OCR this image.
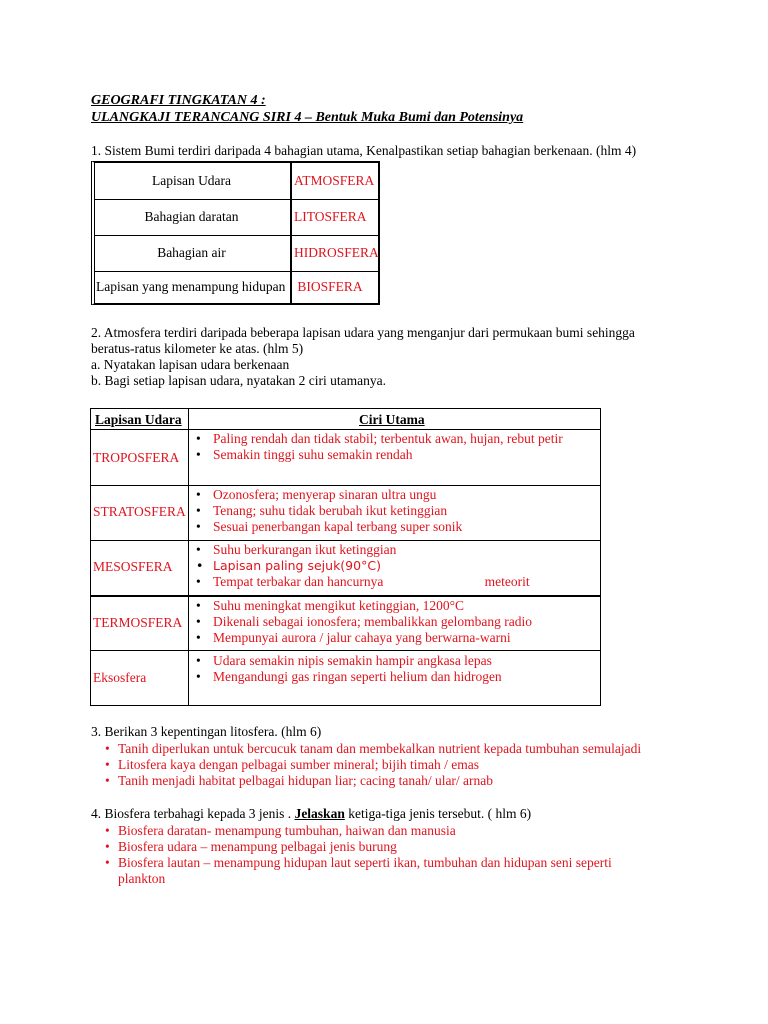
GEOGRAFI TINGKATAN 4 :
ULANGKAJI TERANCANG SIRI 4 – Bentuk Muka Bumi dan Potensinya
1. Sistem Bumi terdiri daripada 4 bahagian utama, Kenalpastikan setiap bahagian berkenaan. (hlm 4)
Lapisan Udara	ATMOSFERA
Bahagian daratan	LITOSFERA
Bahagian air	HIDROSFERA
Lapisan yang menampung hidupan BIOSFERA
2. Atmosfera terdiri daripada beberapa lapisan udara yang menganjur dari permukaan bumi sehingga
beratus-ratus kilometer ke atas. (hlm 5)
a. Nyatakan lapisan udara berkenaan
b. Bagi setiap lapisan udara, nyatakan 2 ciri utamanya.
Lapisan Udara	Ciri Utama
TROPOSFERA
• Paling rendah dan tidak stabil; terbentuk awan, hujan, rebut petir
• Semakin tinggi suhu semakin rendah
STRATOSFERA
• Ozonosfera; menyerap sinaran ultra ungu
• Tenang; suhu tidak berubah ikut ketinggian
• Sesuai penerbangan kapal terbang super sonik
MESOSFERA
• Suhu berkurangan ikut ketinggian
• Lapisan paling sejuk(90°C)
• Tempat terbakar dan hancurnya                              meteorit
TERMOSFERA
• Suhu meningkat mengikut ketinggian, 1200°C
• Dikenali sebagai ionosfera; membalikkan gelombang radio
• Mempunyai aurora / jalur cahaya yang berwarna-warni
Eksosfera
• Udara semakin nipis semakin hampir angkasa lepas
• Mengandungi gas ringan seperti helium dan hidrogen
3. Berikan 3 kepentingan litosfera. (hlm 6)
• Tanih diperlukan untuk bercucuk tanam dan membekalkan nutrient kepada tumbuhan semulajadi
• Litosfera kaya dengan pelbagai sumber mineral; bijih timah / emas
• Tanih menjadi habitat pelbagai hidupan liar; cacing tanah/ ular/ arnab
4. Biosfera terbahagi kepada 3 jenis . Jelaskan ketiga-tiga jenis tersebut. ( hlm 6)
• Biosfera daratan- menampung tumbuhan, haiwan dan manusia
• Biosfera udara – menampung pelbagai jenis burung
• Biosfera lautan – menampung hidupan laut seperti ikan, tumbuhan dan hidupan seni seperti
plankton
